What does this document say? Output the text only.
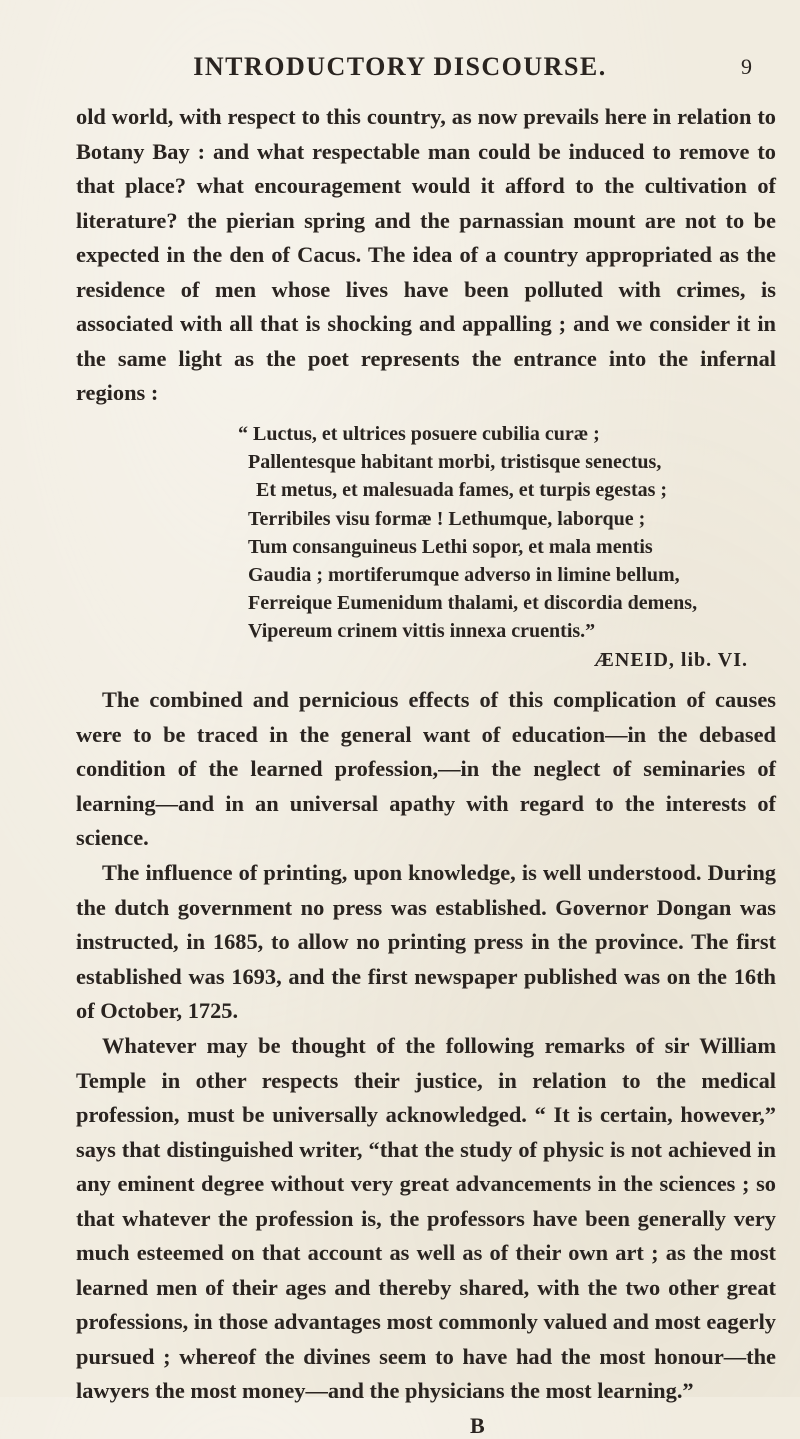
INTRODUCTORY DISCOURSE.	9
old world, with respect to this country, as now prevails here in relation to Botany Bay : and what respectable man could be induced to remove to that place? what encouragement would it afford to the cultivation of literature? the pierian spring and the parnassian mount are not to be expected in the den of Cacus. The idea of a country appropriated as the residence of men whose lives have been polluted with crimes, is associated with all that is shocking and appalling ; and we consider it in the same light as the poet represents the entrance into the infernal regions :
“ Luctus, et ultrices posuere cubilia curæ ;
Pallentesque habitant morbi, tristisque senectus,
Et metus, et malesuada fames, et turpis egestas ;
Terribiles visu formæ ! Lethumque, laborque ;
Tum consanguineus Lethi sopor, et mala mentis
Gaudia ; mortiferumque adverso in limine bellum,
Ferreique Eumenidum thalami, et discordia demens,
Vipereum crinem vittis innexa cruentis.”
ÆNEID, lib. VI.
The combined and pernicious effects of this complication of causes were to be traced in the general want of education—in the debased condition of the learned profession,—in the neglect of seminaries of learning—and in an universal apathy with regard to the interests of science.
The influence of printing, upon knowledge, is well understood. During the dutch government no press was established. Governor Dongan was instructed, in 1685, to allow no printing press in the province. The first established was 1693, and the first newspaper published was on the 16th of October, 1725.
Whatever may be thought of the following remarks of sir William Temple in other respects their justice, in relation to the medical profession, must be universally acknowledged. “ It is certain, however,” says that distinguished writer, “that the study of physic is not achieved in any eminent degree without very great advancements in the sciences ; so that whatever the profession is, the professors have been generally very much esteemed on that account as well as of their own art ; as the most learned men of their ages and thereby shared, with the two other great professions, in those advantages most commonly valued and most eagerly pursued ; whereof the divines seem to have had the most honour—the lawyers the most money—and the physicians the most learning.”
B
